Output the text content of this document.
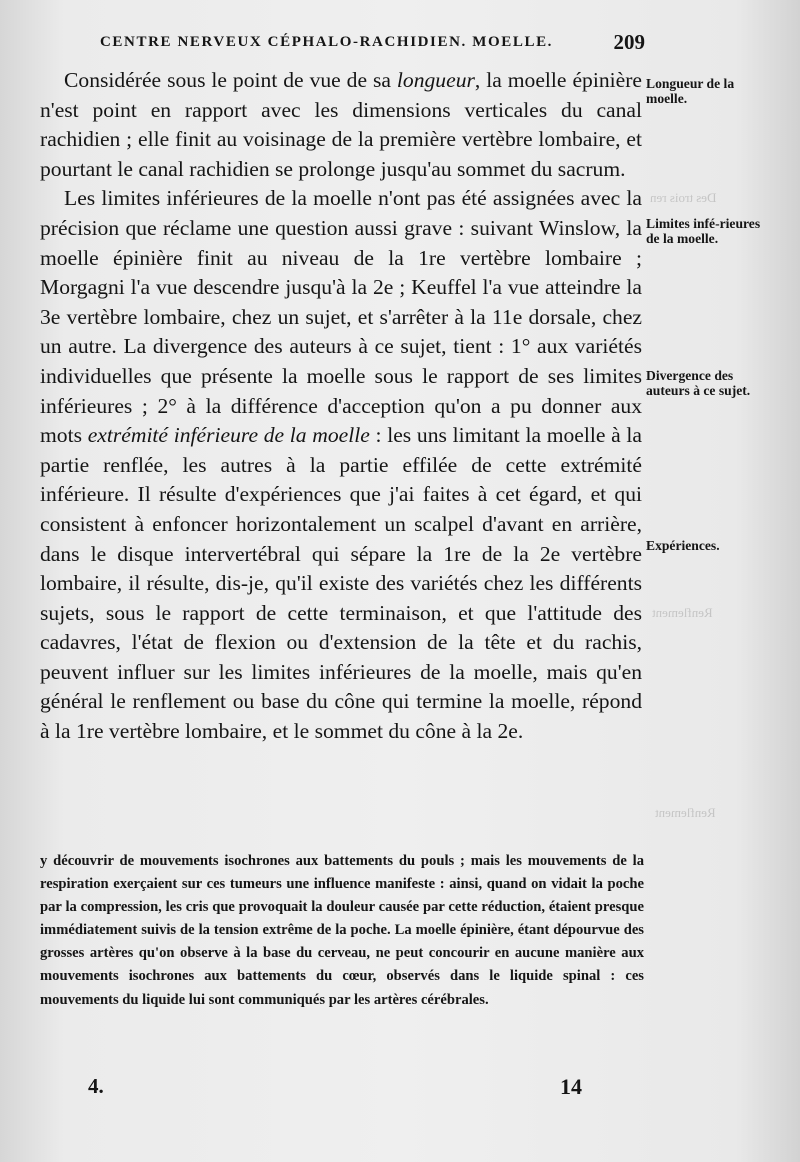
Des trois ren
Renflement
Renflement
CENTRE NERVEUX CÉPHALO-RACHIDIEN. MOELLE.	209
Longueur de la moelle.
Limites infé-rieures de la moelle.
Divergence des auteurs à ce sujet.
Expériences.

Considérée sous le point de vue de sa longueur, la moelle épinière n'est point en rapport avec les dimensions verticales du canal rachidien ; elle finit au voisinage de la première vertèbre lombaire, et pourtant le canal rachidien se prolonge jusqu'au sommet du sacrum.

Les limites inférieures de la moelle n'ont pas été assignées avec la précision que réclame une question aussi grave : suivant Winslow, la moelle épinière finit au niveau de la 1re vertèbre lombaire ; Morgagni l'a vue descendre jusqu'à la 2e ; Keuffel l'a vue atteindre la 3e vertèbre lombaire, chez un sujet, et s'arrêter à la 11e dorsale, chez un autre. La divergence des auteurs à ce sujet, tient : 1° aux variétés individuelles que présente la moelle sous le rapport de ses limites inférieures ; 2° à la différence d'acception qu'on a pu donner aux mots extrémité inférieure de la moelle : les uns limitant la moelle à la partie renflée, les autres à la partie effilée de cette extrémité inférieure. Il résulte d'expériences que j'ai faites à cet égard, et qui consistent à enfoncer horizontalement un scalpel d'avant en arrière, dans le disque intervertébral qui sépare la 1re de la 2e vertèbre lombaire, il résulte, dis-je, qu'il existe des variétés chez les différents sujets, sous le rapport de cette terminaison, et que l'attitude des cadavres, l'état de flexion ou d'extension de la tête et du rachis, peuvent influer sur les limites inférieures de la moelle, mais qu'en général le renflement ou base du cône qui termine la moelle, répond à la 1re vertèbre lombaire, et le sommet du cône à la 2e.

y découvrir de mouvements isochrones aux battements du pouls ; mais les mouvements de la respiration exerçaient sur ces tumeurs une influence manifeste : ainsi, quand on vidait la poche par la compression, les cris que provoquait la douleur causée par cette réduction, étaient presque immédiatement suivis de la tension extrême de la poche. La moelle épinière, étant dépourvue des grosses artères qu'on observe à la base du cerveau, ne peut concourir en aucune manière aux mouvements isochrones aux battements du cœur, observés dans le liquide spinal : ces mouvements du liquide lui sont communiqués par les artères cérébrales.

4.	14
